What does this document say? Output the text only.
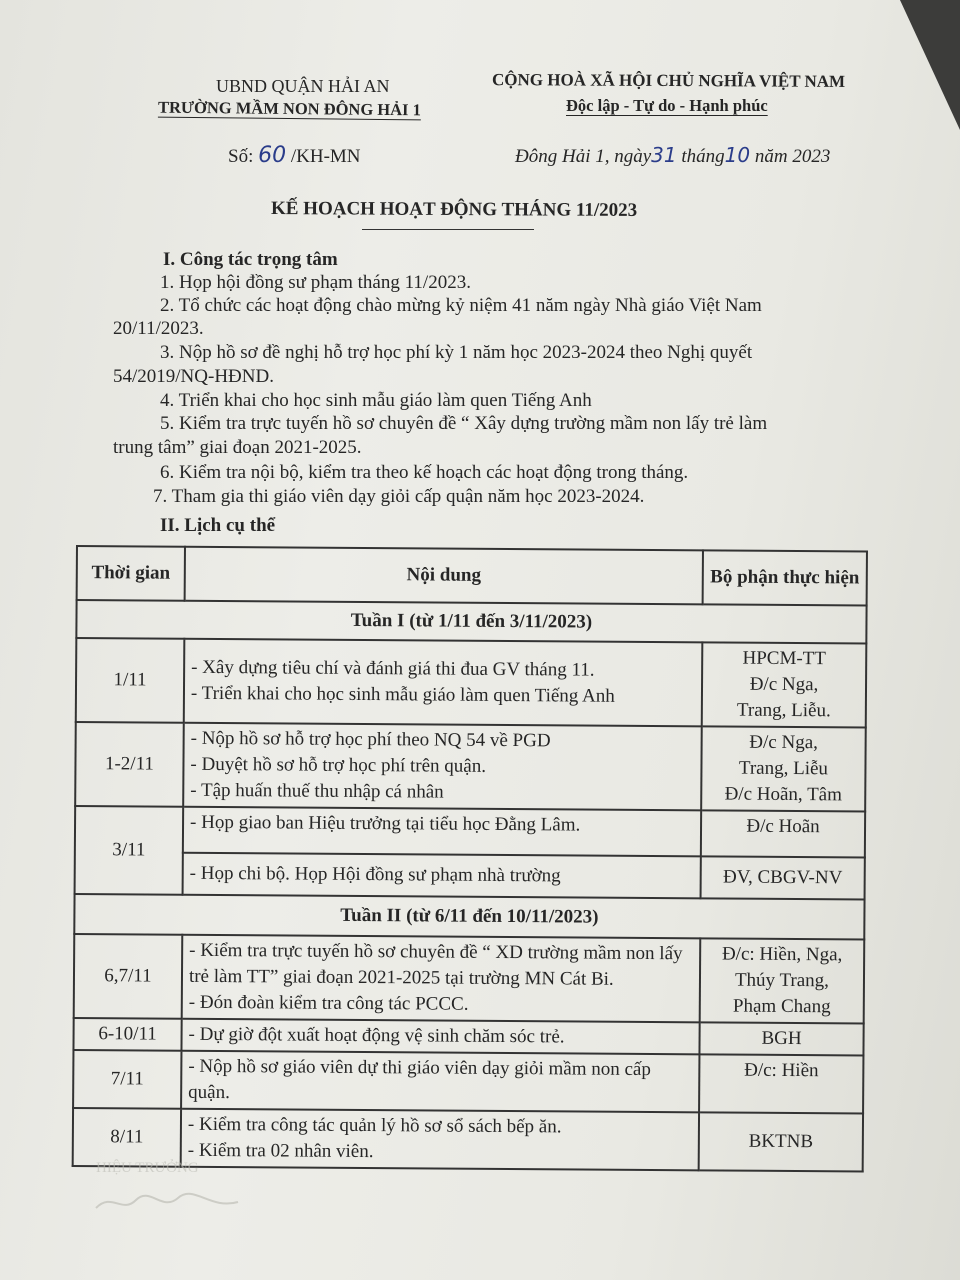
UBND QUẬN HẢI AN
TRƯỜNG MẦM NON ĐÔNG HẢI 1
CỘNG HOÀ XÃ HỘI CHỦ NGHĨA VIỆT NAM
Độc lập - Tự do - Hạnh phúc
Số: 60 /KH-MN	Đông Hải 1, ngày31 tháng10 năm 2023
KẾ HOẠCH HOẠT ĐỘNG THÁNG 11/2023
I. Công tác trọng tâm
1. Họp hội đồng sư phạm tháng 11/2023.
2. Tổ chức các hoạt động chào mừng kỷ niệm 41 năm ngày Nhà giáo Việt Nam
20/11/2023.
3. Nộp hồ sơ đề nghị hỗ trợ học phí kỳ 1 năm học 2023-2024 theo Nghị quyết
54/2019/NQ-HĐND.
4. Triển khai cho học sinh mẫu giáo làm quen Tiếng Anh
5. Kiểm tra trực tuyến hồ sơ chuyên đề “ Xây dựng trường mầm non lấy trẻ làm
trung tâm” giai đoạn 2021-2025.
6. Kiểm tra nội bộ, kiểm tra theo kế hoạch các hoạt động trong tháng.
7. Tham gia thi giáo viên dạy giỏi cấp quận năm học 2023-2024.
II. Lịch cụ thể
Thời gian	Nội dung	Bộ phận thực hiện
Tuần I (từ 1/11 đến 3/11/2023)		
1/11	- Xây dựng tiêu chí và đánh giá thi đua GV tháng 11.
- Triển khai cho học sinh mẫu giáo làm quen Tiếng Anh	HPCM-TT
Đ/c Nga,
Trang, Liễu.

1-2/11	- Nộp hồ sơ hỗ trợ học phí theo NQ 54 về PGD
- Duyệt hồ sơ hỗ trợ học phí trên quận.
- Tập huấn thuế thu nhập cá nhân	Đ/c Nga,
Trang, Liễu
Đ/c Hoãn, Tâm

3/11	- Họp giao ban Hiệu trưởng tại tiểu học Đằng Lâm.	Đ/c Hoãn

	- Họp chi bộ. Họp Hội đồng sư phạm nhà trường	ĐV, CBGV-NV

Tuần II (từ 6/11 đến 10/11/2023)		
6,7/11	- Kiểm tra trực tuyến hồ sơ chuyên đề “ XD trường mầm non lấy trẻ làm TT” giai đoạn 2021-2025 tại trường MN Cát Bi.
- Đón đoàn kiểm tra công tác PCCC.	Đ/c: Hiền, Nga,
Thúy Trang,
Phạm Chang

6-10/11	- Dự giờ đột xuất hoạt động vệ sinh chăm sóc trẻ.	BGH

7/11	- Nộp hồ sơ giáo viên dự thi giáo viên dạy giỏi mầm non cấp quận.	Đ/c: Hiền

8/11	- Kiểm tra công tác quản lý hồ sơ sổ sách bếp ăn.
- Kiểm tra 02 nhân viên.	BKTNB
HIỆU TRƯỞNG
